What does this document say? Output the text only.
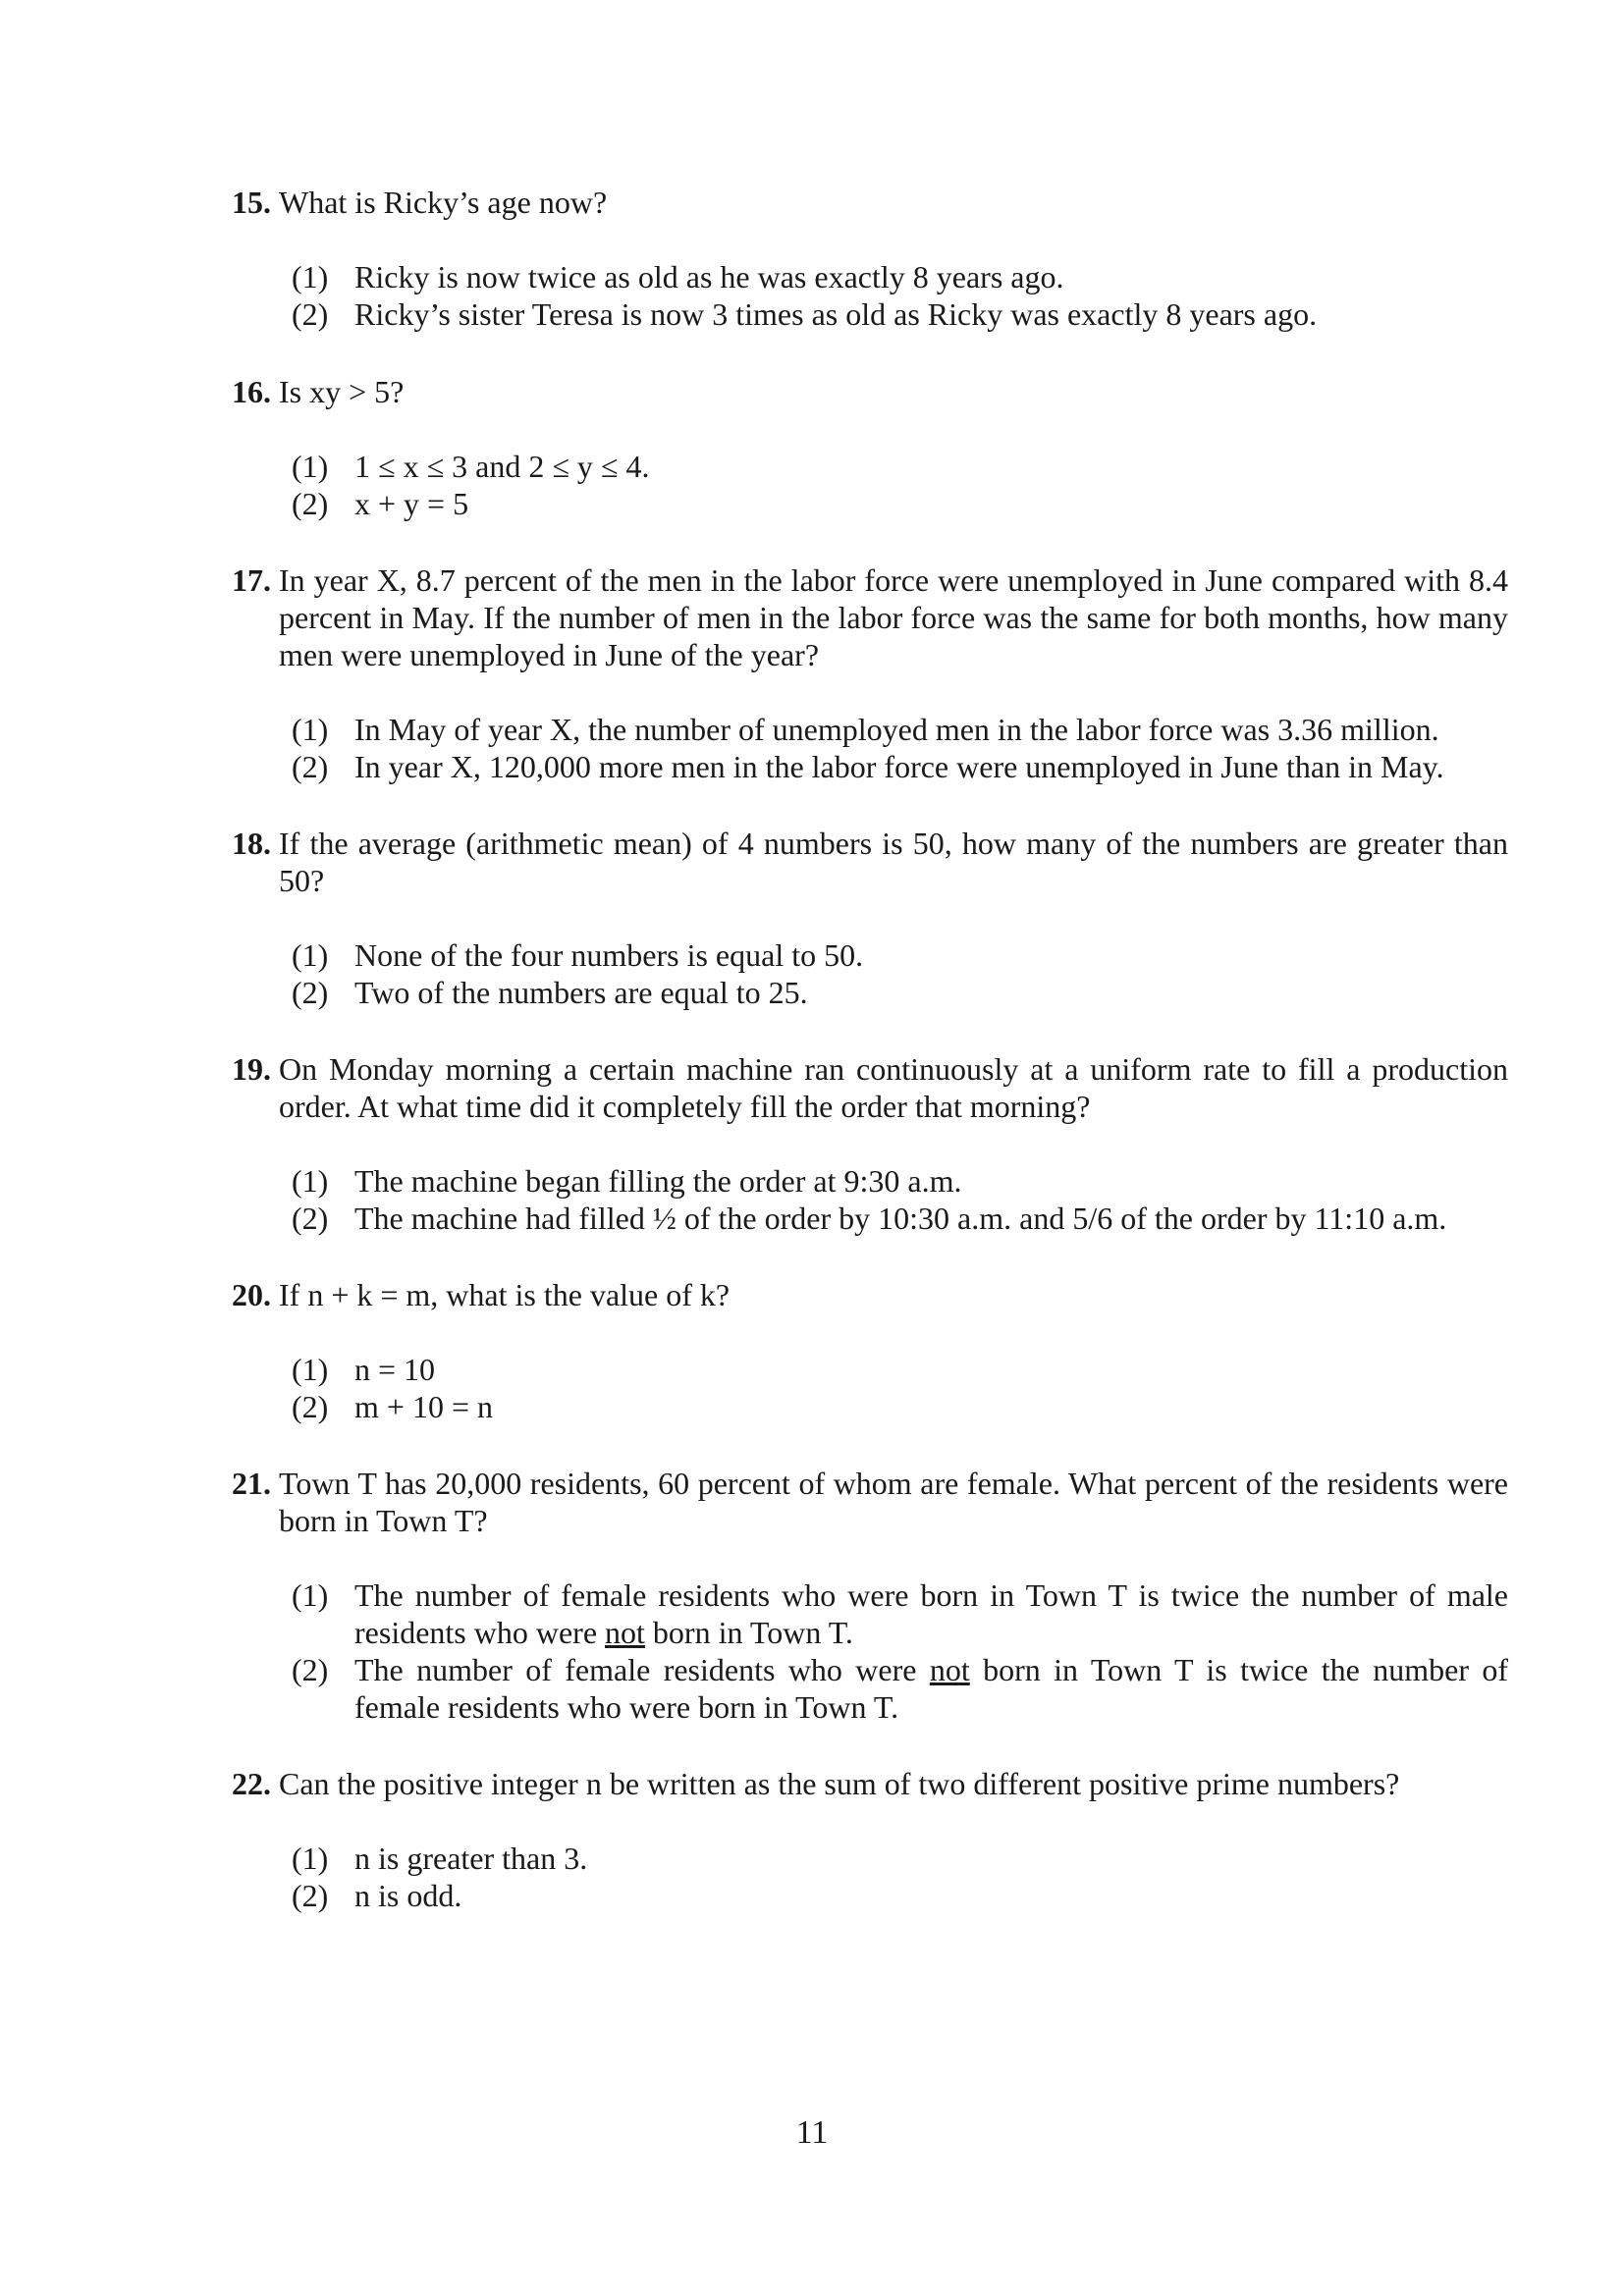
15. What is Ricky’s age now?
(1) Ricky is now twice as old as he was exactly 8 years ago.
(2) Ricky’s sister Teresa is now 3 times as old as Ricky was exactly 8 years ago.
16. Is xy > 5?
(1) 1 ≤ x ≤ 3 and 2 ≤ y ≤ 4.
(2) x + y = 5
17. In year X, 8.7 percent of the men in the labor force were unemployed in June compared with 8.4 percent in May. If the number of men in the labor force was the same for both months, how many men were unemployed in June of the year?
(1) In May of year X, the number of unemployed men in the labor force was 3.36 million.
(2) In year X, 120,000 more men in the labor force were unemployed in June than in May.
18. If the average (arithmetic mean) of 4 numbers is 50, how many of the numbers are greater than 50?
(1) None of the four numbers is equal to 50.
(2) Two of the numbers are equal to 25.
19. On Monday morning a certain machine ran continuously at a uniform rate to fill a production order. At what time did it completely fill the order that morning?
(1) The machine began filling the order at 9:30 a.m.
(2) The machine had filled ½ of the order by 10:30 a.m. and 5/6 of the order by 11:10 a.m.
20. If n + k = m, what is the value of k?
(1) n = 10
(2) m + 10 = n
21. Town T has 20,000 residents, 60 percent of whom are female. What percent of the residents were born in Town T?
(1) The number of female residents who were born in Town T is twice the number of male residents who were not born in Town T.
(2) The number of female residents who were not born in Town T is twice the number of female residents who were born in Town T.
22. Can the positive integer n be written as the sum of two different positive prime numbers?
(1) n is greater than 3.
(2) n is odd.
11
